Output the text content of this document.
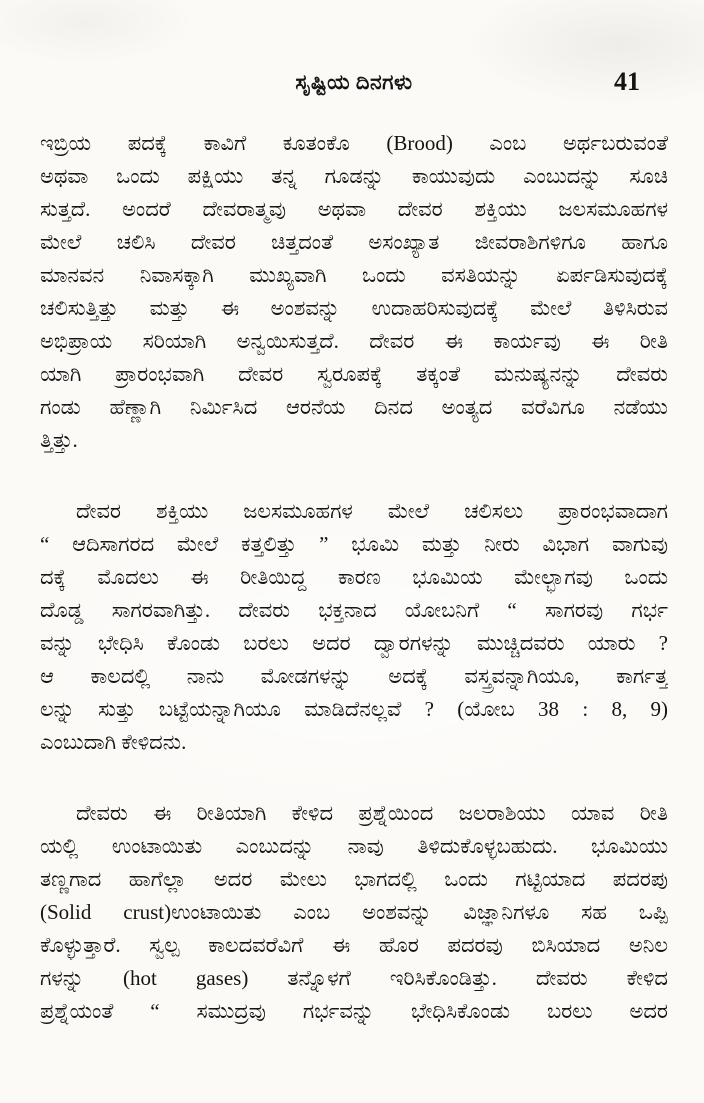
ಸೃಷ್ಟಿಯ ದಿನಗಳು	41
ಇಬ್ರಿಯ ಪದಕ್ಕೆ ಕಾವಿಗೆ ಕೂತಂಕೊ (Brood) ಎಂಬ ಅರ್ಥಬರುವಂತೆ
ಅಥವಾ ಒಂದು ಪಕ್ಷಿಯು ತನ್ನ ಗೂಡನ್ನು ಕಾಯುವುದು ಎಂಬುದನ್ನು ಸೂಚಿ
ಸುತ್ತದೆ. ಅಂದರೆ ದೇವರಾತ್ಮವು ಅಥವಾ ದೇವರ ಶಕ್ತಿಯು ಜಲಸಮೂಹಗಳ
ಮೇಲೆ ಚಲಿಸಿ ದೇವರ ಚಿತ್ತದಂತೆ ಅಸಂಖ್ಯಾತ ಜೀವರಾಶಿಗಳಿಗೂ ಹಾಗೂ
ಮಾನವನ ನಿವಾಸಕ್ಕಾಗಿ ಮುಖ್ಯವಾಗಿ ಒಂದು ವಸತಿಯನ್ನು ಏರ್ಪಡಿಸುವುದಕ್ಕೆ
ಚಲಿಸುತ್ತಿತ್ತು ಮತ್ತು ಈ ಅಂಶವನ್ನು ಉದಾಹರಿಸುವುದಕ್ಕೆ ಮೇಲೆ ತಿಳಿಸಿರುವ
ಅಭಿಪ್ರಾಯ ಸರಿಯಾಗಿ ಅನ್ವಯಿಸುತ್ತದೆ. ದೇವರ ಈ ಕಾರ್ಯವು ಈ ರೀತಿ
ಯಾಗಿ ಪ್ರಾರಂಭವಾಗಿ ದೇವರ ಸ್ವರೂಪಕ್ಕೆ ತಕ್ಕಂತೆ ಮನುಷ್ಯನನ್ನು ದೇವರು
ಗಂಡು ಹೆಣ್ಣಾಗಿ ನಿರ್ಮಿಸಿದ ಆರನೆಯ ದಿನದ ಅಂತ್ಯದ ವರೆವಿಗೂ ನಡೆಯು
ತ್ತಿತ್ತು.
ದೇವರ ಶಕ್ತಿಯು ಜಲಸಮೂಹಗಳ ಮೇಲೆ ಚಲಿಸಲು ಪ್ರಾರಂಭವಾದಾಗ
“ ಆದಿಸಾಗರದ ಮೇಲೆ ಕತ್ತಲಿತ್ತು ” ಭೂಮಿ ಮತ್ತು ನೀರು ವಿಭಾಗ ವಾಗುವು
ದಕ್ಕೆ ಮೊದಲು ಈ ರೀತಿಯಿದ್ದ ಕಾರಣ ಭೂಮಿಯ ಮೇಲ್ಭಾಗವು ಒಂದು
ದೊಡ್ಡ ಸಾಗರವಾಗಿತ್ತು. ದೇವರು ಭಕ್ತನಾದ ಯೋಬನಿಗೆ “ ಸಾಗರವು ಗರ್ಭ
ವನ್ನು ಭೇಧಿಸಿ ಕೊಂಡು ಬರಲು ಅದರ ದ್ವಾರಗಳನ್ನು ಮುಚ್ಚಿದವರು ಯಾರು ?
ಆ ಕಾಲದಲ್ಲಿ ನಾನು ಮೋಡಗಳನ್ನು ಅದಕ್ಕೆ ವಸ್ತ್ರವನ್ನಾಗಿಯೂ, ಕಾರ್ಗತ್ತ
ಲನ್ನು ಸುತ್ತು ಬಟ್ಟೆಯನ್ನಾಗಿಯೂ ಮಾಡಿದೆನಲ್ಲವೆ ? (ಯೋಬ 38 : 8, 9)
ಎಂಬುದಾಗಿ ಕೇಳಿದನು.
ದೇವರು ಈ ರೀತಿಯಾಗಿ ಕೇಳಿದ ಪ್ರಶ್ನೆಯಿಂದ ಜಲರಾಶಿಯು ಯಾವ ರೀತಿ
ಯಲ್ಲಿ ಉಂಟಾಯಿತು ಎಂಬುದನ್ನು ನಾವು ತಿಳಿದುಕೊಳ್ಳಬಹುದು. ಭೂಮಿಯು
ತಣ್ಣಗಾದ ಹಾಗೆಲ್ಲಾ ಅದರ ಮೇಲು ಭಾಗದಲ್ಲಿ ಒಂದು ಗಟ್ಟಿಯಾದ ಪದರಪು
(Solid crust)ಉಂಟಾಯಿತು ಎಂಬ ಅಂಶವನ್ನು ವಿಜ್ಞಾನಿಗಳೂ ಸಹ ಒಪ್ಪಿ
ಕೊಳ್ಳುತ್ತಾರೆ. ಸ್ವಲ್ಪ ಕಾಲದವರೆವಿಗೆ ಈ ಹೊರ ಪದರವು ಬಿಸಿಯಾದ ಅನಿಲ
ಗಳನ್ನು (hot gases) ತನ್ನೊಳಗೆ ಇರಿಸಿಕೊಂಡಿತ್ತು. ದೇವರು ಕೇಳಿದ
ಪ್ರಶ್ನೆಯಂತೆ “ ಸಮುದ್ರವು ಗರ್ಭವನ್ನು ಭೇಧಿಸಿಕೊಂಡು ಬರಲು ಅದರ
